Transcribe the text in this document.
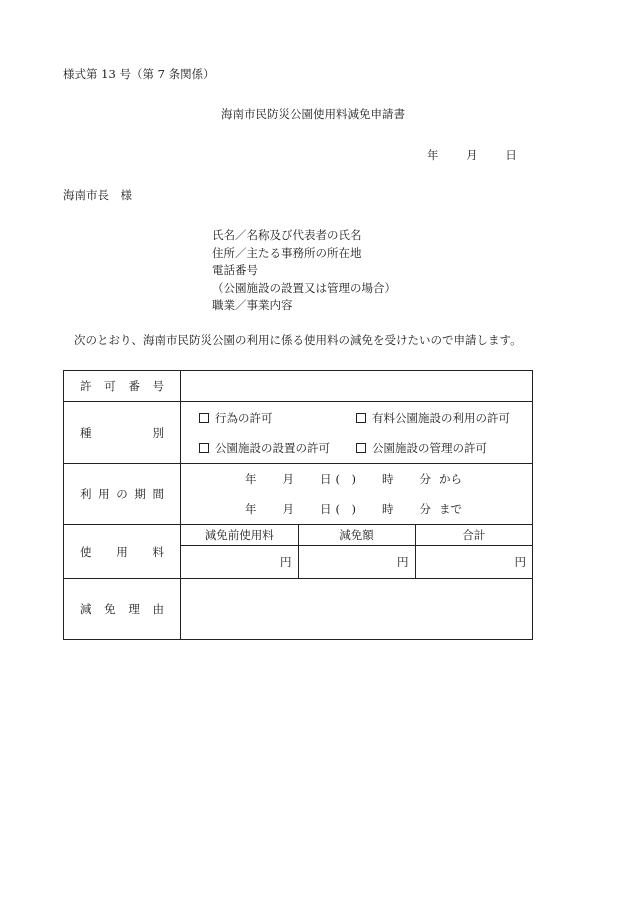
様式第 13 号（第 7 条関係）
海南市民防災公園使用料減免申請書
年 月 日
海南市長　様
氏名／名称及び代表者の氏名
住所／主たる事務所の所在地
電話番号
（公園施設の設置又は管理の場合）
職業／事業内容
次のとおり、海南市民防災公園の利用に係る使用料の減免を受けたいので申請します。
許 可 番 号

種	別

行為の許可	有料公園施設の利用の許可
公園施設の設置の許可	公園施設の管理の許可

利 用 の 期 間

年 月 日 (　) 時 分 から
年 月 日 (　) 時 分 まで

使 用 料

減免前使用料	減免額	合計
円	円	円

減 免 理 由
